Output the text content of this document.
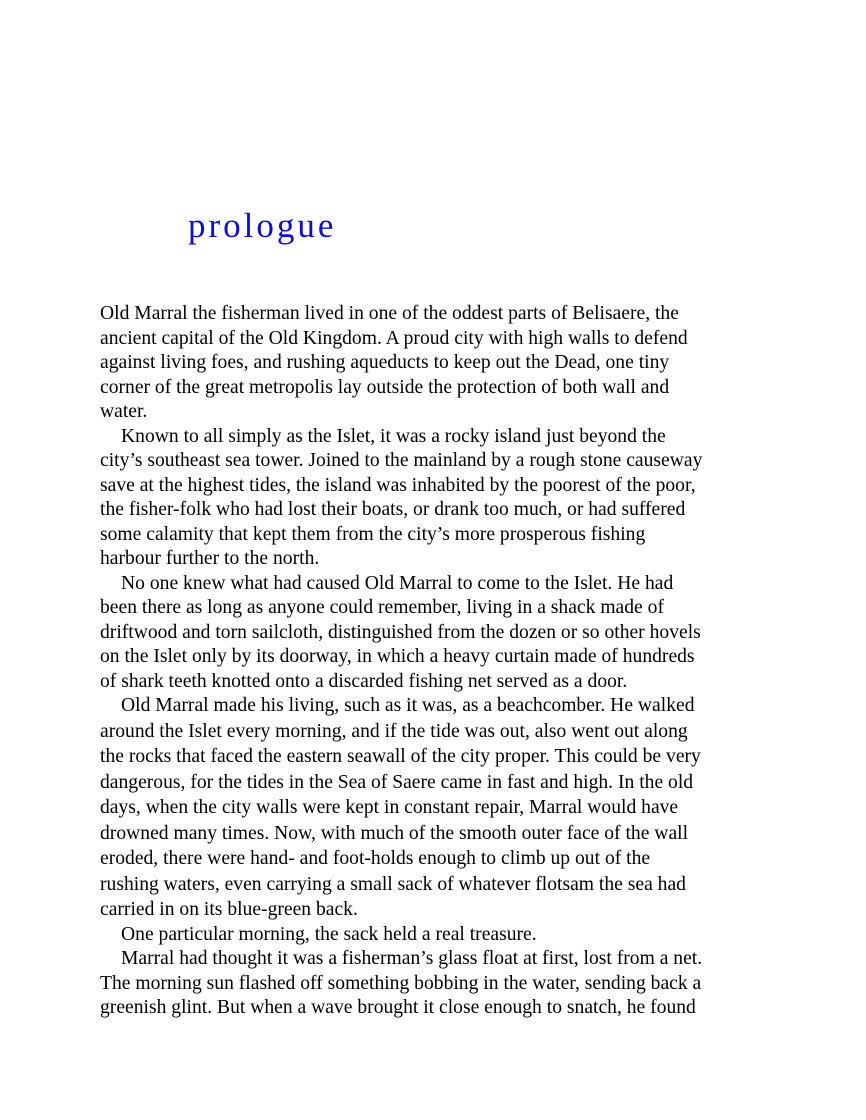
prologue
Old Marral the fisherman lived in one of the oddest parts of Belisaere, the
ancient capital of the Old Kingdom. A proud city with high walls to defend
against living foes, and rushing aqueducts to keep out the Dead, one tiny
corner of the great metropolis lay outside the protection of both wall and
water.
Known to all simply as the Islet, it was a rocky island just beyond the
city’s southeast sea tower. Joined to the mainland by a rough stone causeway
save at the highest tides, the island was inhabited by the poorest of the poor,
the fisher-folk who had lost their boats, or drank too much, or had suffered
some calamity that kept them from the city’s more prosperous fishing
harbour further to the north.
No one knew what had caused Old Marral to come to the Islet. He had
been there as long as anyone could remember, living in a shack made of
driftwood and torn sailcloth, distinguished from the dozen or so other hovels
on the Islet only by its doorway, in which a heavy curtain made of hundreds
of shark teeth knotted onto a discarded fishing net served as a door.
Old Marral made his living, such as it was, as a beachcomber. He walked
around the Islet every morning, and if the tide was out, also went out along
the rocks that faced the eastern seawall of the city proper. This could be very
dangerous, for the tides in the Sea of Saere came in fast and high. In the old
days, when the city walls were kept in constant repair, Marral would have
drowned many times. Now, with much of the smooth outer face of the wall
eroded, there were hand- and foot-holds enough to climb up out of the
rushing waters, even carrying a small sack of whatever flotsam the sea had
carried in on its blue-green back.
One particular morning, the sack held a real treasure.
Marral had thought it was a fisherman’s glass float at first, lost from a net.
The morning sun flashed off something bobbing in the water, sending back a
greenish glint. But when a wave brought it close enough to snatch, he found
